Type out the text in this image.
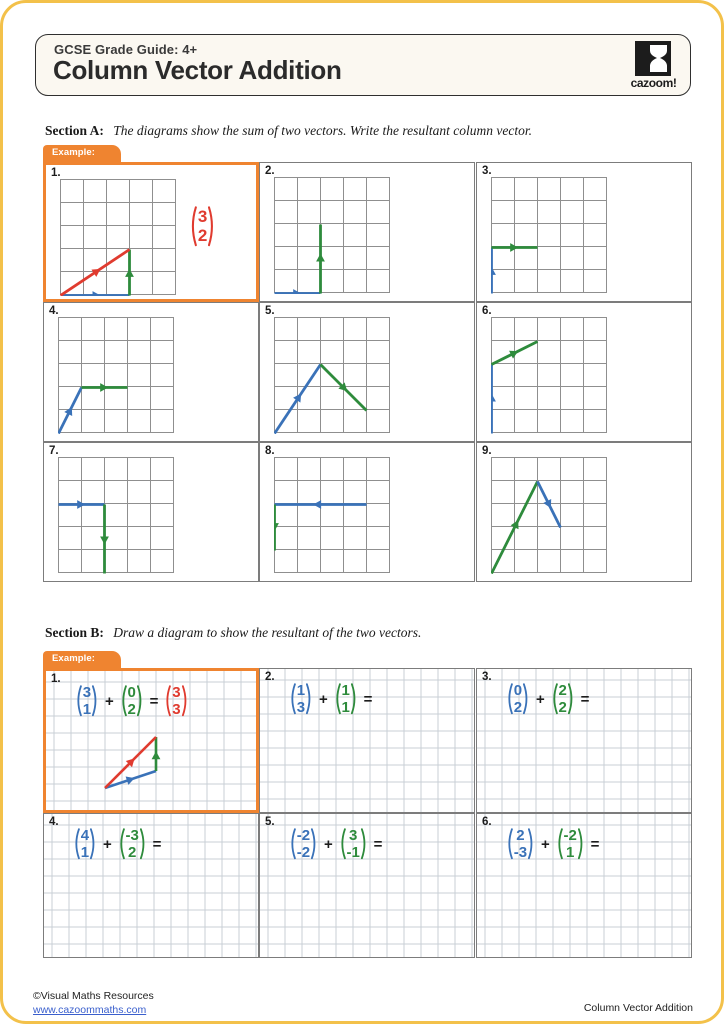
GCSE Grade Guide: 4+
Column Vector Addition	cazoom!
Section A: The diagrams show the sum of two vectors. Write the resultant column vector.
Example:
1.
3
2
2.	3.
4.	5.	6.
7.	8.	9.
Section B: Draw a diagram to show the resultant of the two vectors.
Example:
1.
3
1 +
0
2 =
3
3
2.
1
3 +
1
1 =
3.
0
2 +
2
2 =
4.
4
1 +
-3
2 =
5.
-2
-2 +
3
-1 =
6.
2
-3 +
-2
1 =
©Visual Maths Resources
www.cazoommaths.com	Column Vector Addition
